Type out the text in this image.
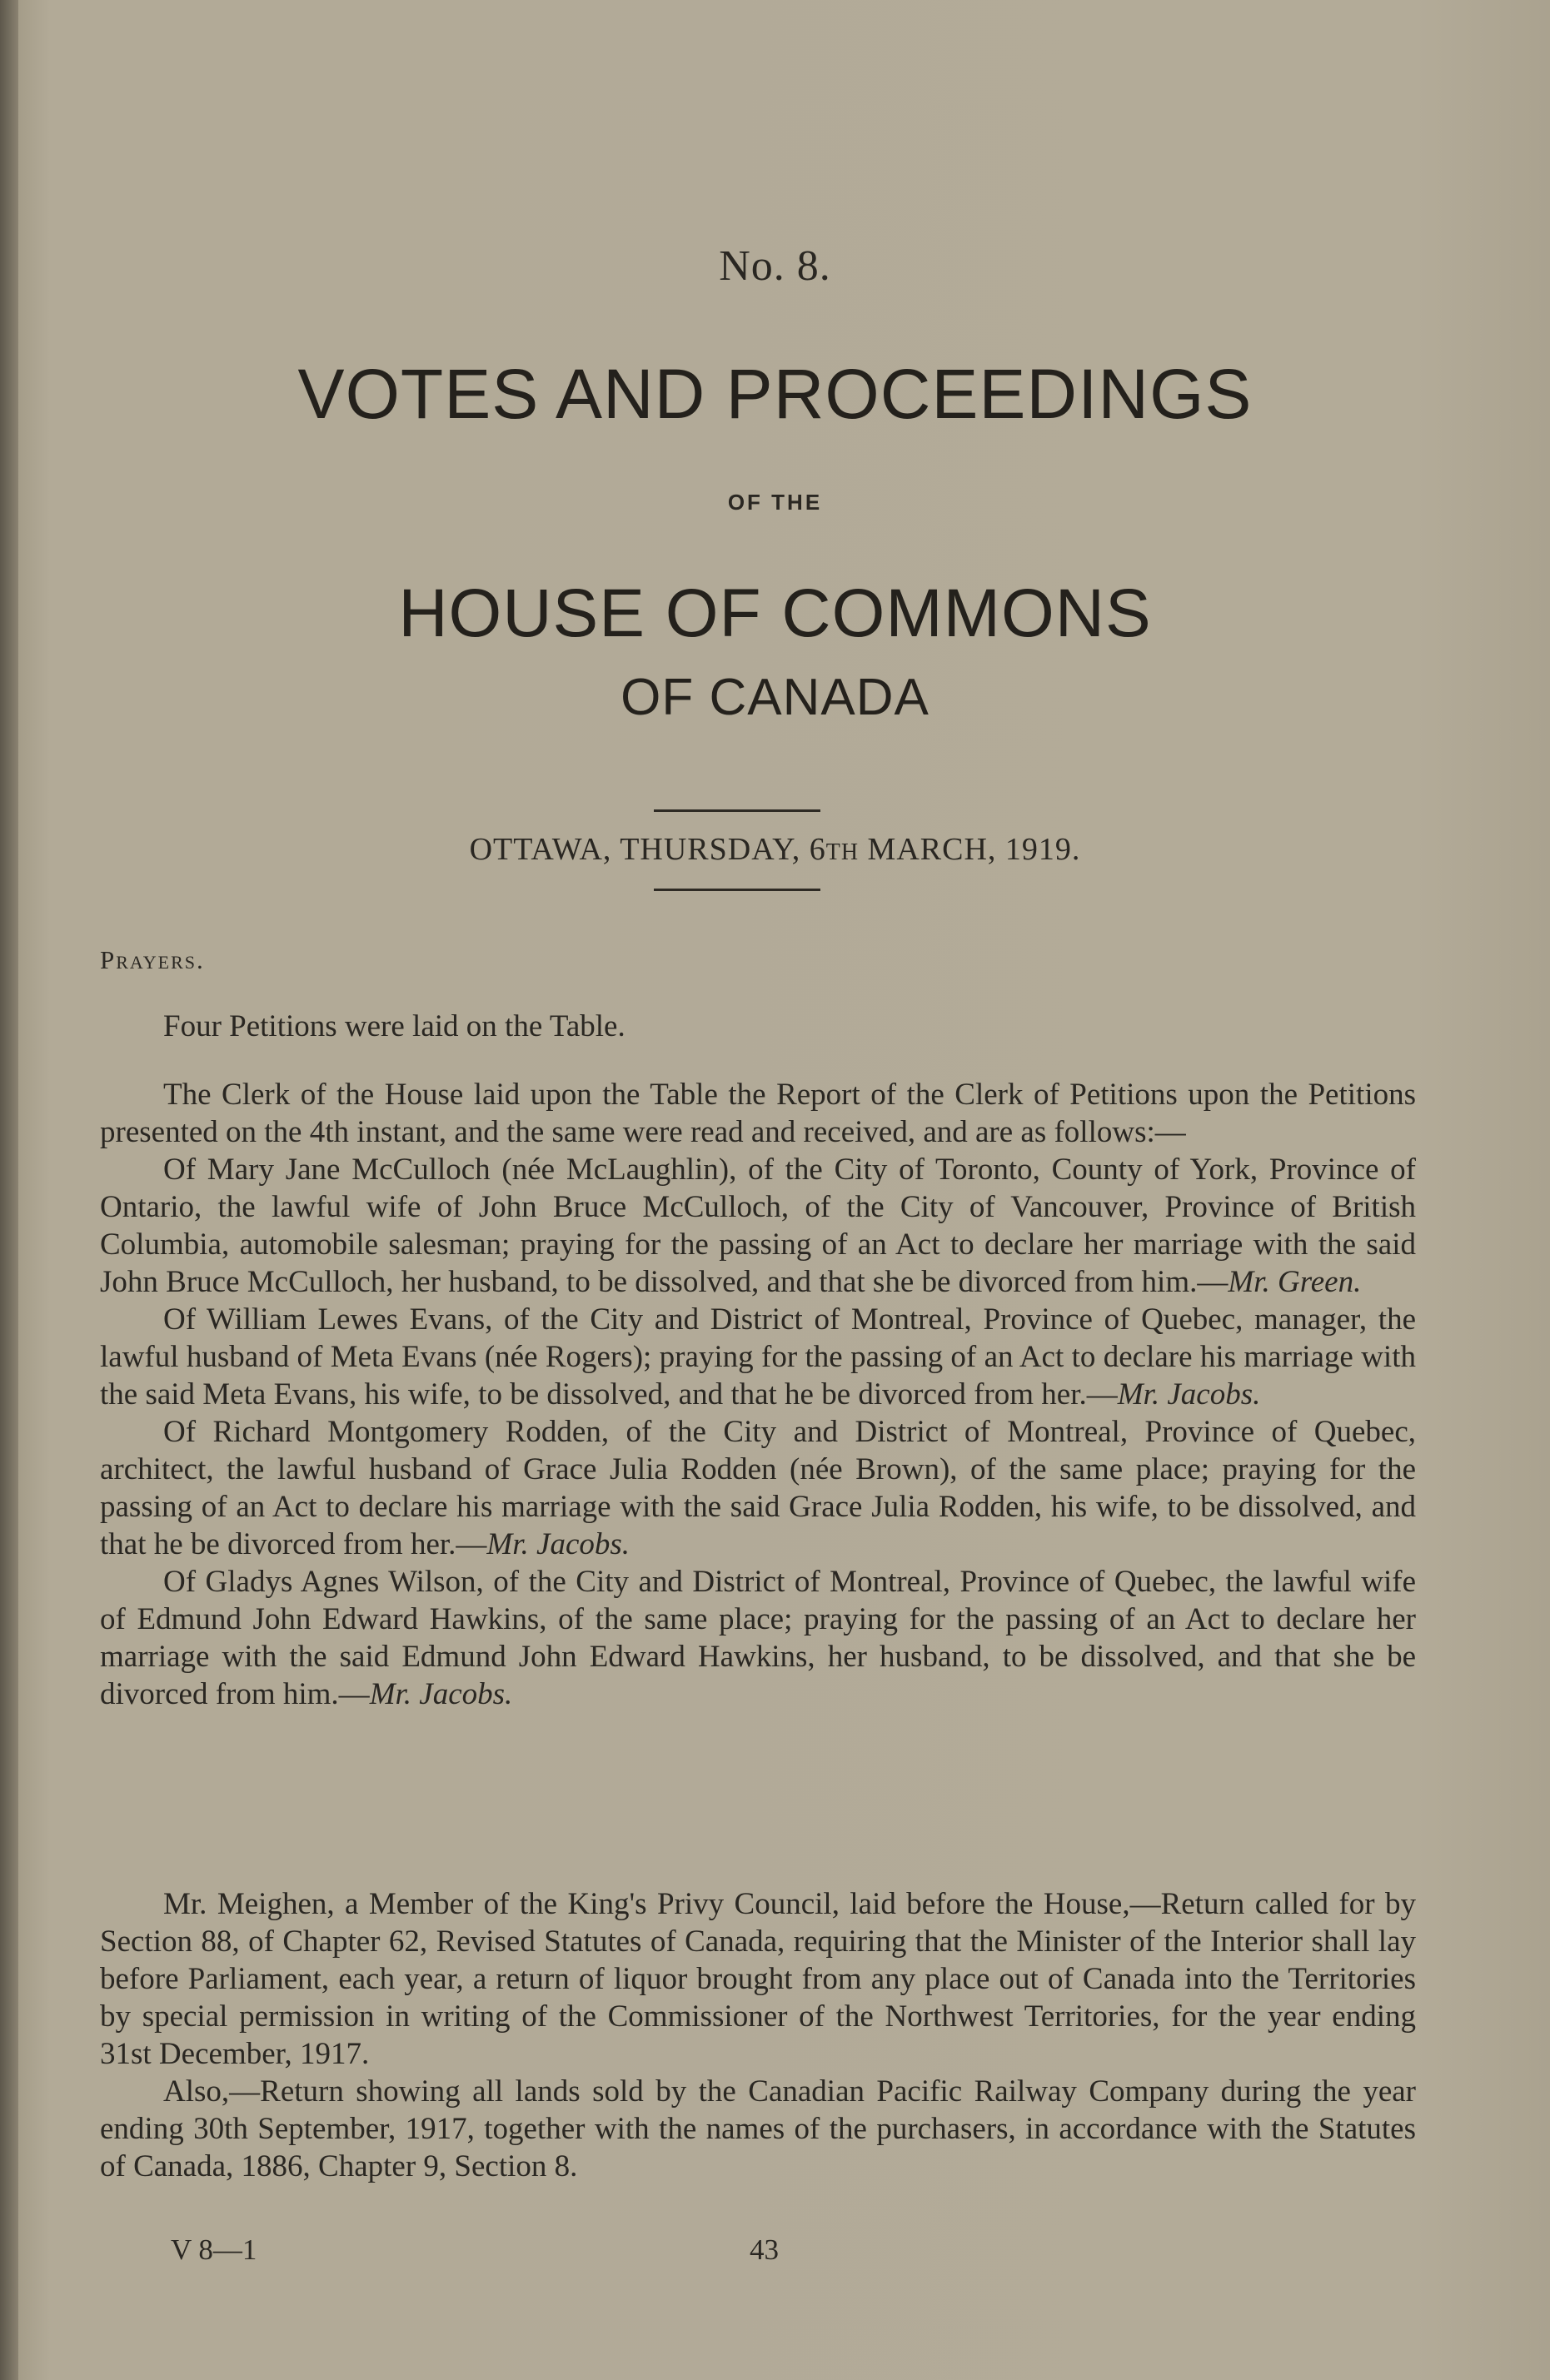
No. 8.
VOTES AND PROCEEDINGS
OF THE
HOUSE OF COMMONS
OF CANADA
OTTAWA, THURSDAY, 6TH MARCH, 1919.
Prayers.

Four Petitions were laid on the Table.

The Clerk of the House laid upon the Table the Report of the Clerk of Petitions upon the Petitions presented on the 4th instant, and the same were read and received, and are as follows:—

Of Mary Jane McCulloch (née McLaughlin), of the City of Toronto, County of York, Province of Ontario, the lawful wife of John Bruce McCulloch, of the City of Vancouver, Province of British Columbia, automobile salesman; praying for the passing of an Act to declare her marriage with the said John Bruce McCulloch, her husband, to be dissolved, and that she be divorced from him.—Mr. Green.

Of William Lewes Evans, of the City and District of Montreal, Province of Quebec, manager, the lawful husband of Meta Evans (née Rogers); praying for the passing of an Act to declare his marriage with the said Meta Evans, his wife, to be dissolved, and that he be divorced from her.—Mr. Jacobs.

Of Richard Montgomery Rodden, of the City and District of Montreal, Province of Quebec, architect, the lawful husband of Grace Julia Rodden (née Brown), of the same place; praying for the passing of an Act to declare his marriage with the said Grace Julia Rodden, his wife, to be dissolved, and that he be divorced from her.—Mr. Jacobs.

Of Gladys Agnes Wilson, of the City and District of Montreal, Province of Quebec, the lawful wife of Edmund John Edward Hawkins, of the same place; praying for the passing of an Act to declare her marriage with the said Edmund John Edward Hawkins, her husband, to be dissolved, and that she be divorced from him.—Mr. Jacobs.

Mr. Meighen, a Member of the King's Privy Council, laid before the House,—Return called for by Section 88, of Chapter 62, Revised Statutes of Canada, requiring that the Minister of the Interior shall lay before Parliament, each year, a return of liquor brought from any place out of Canada into the Territories by special permission in writing of the Commissioner of the Northwest Territories, for the year ending 31st December, 1917.

Also,—Return showing all lands sold by the Canadian Pacific Railway Company during the year ending 30th September, 1917, together with the names of the purchasers, in accordance with the Statutes of Canada, 1886, Chapter 9, Section 8.

V 8—1	43
